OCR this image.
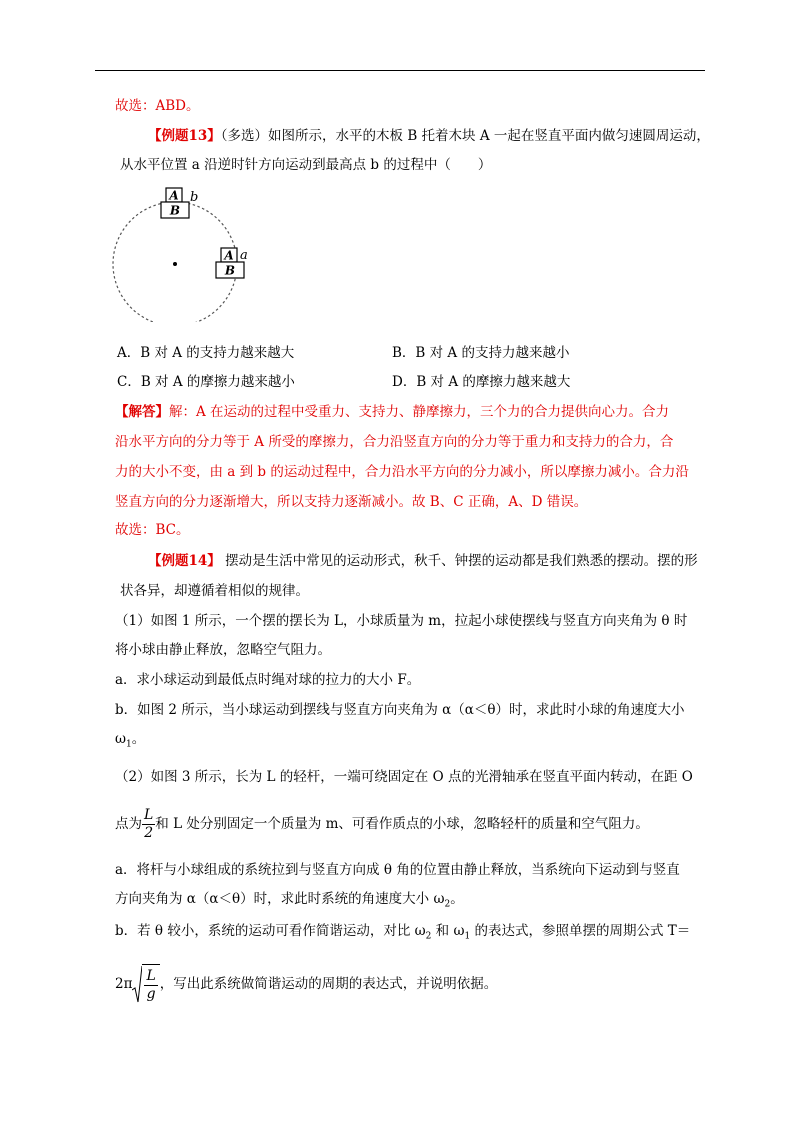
故选：ABD。
【例题13】（多选）如图所示，水平的木板 B 托着木块 A 一起在竖直平面内做匀速圆周运动，
从水平位置 a 沿逆时针方向运动到最高点 b 的过程中（　　）
A
B
b
A
B
a
A．B 对 A 的支持力越来越大	B．B 对 A 的支持力越来越小
C．B 对 A 的摩擦力越来越小	D．B 对 A 的摩擦力越来越大
【解答】解：A 在运动的过程中受重力、支持力、静摩擦力，三个力的合力提供向心力。合力
沿水平方向的分力等于 A 所受的摩擦力，合力沿竖直方向的分力等于重力和支持力的合力，合
力的大小不变，由 a 到 b 的运动过程中，合力沿水平方向的分力减小，所以摩擦力减小。合力沿
竖直方向的分力逐渐增大，所以支持力逐渐减小。故 B、C 正确，A、D 错误。
故选：BC。
【例题14】 摆动是生活中常见的运动形式，秋千、钟摆的运动都是我们熟悉的摆动。摆的形
状各异，却遵循着相似的规律。
（1）如图 1 所示，一个摆的摆长为 L，小球质量为 m，拉起小球使摆线与竖直方向夹角为 θ 时
将小球由静止释放，忽略空气阻力。
a．求小球运动到最低点时绳对球的拉力的大小 F。
b．如图 2 所示，当小球运动到摆线与竖直方向夹角为 α（α＜θ）时，求此时小球的角速度大小
$\omega_1$。
（2）如图 3 所示，长为 L 的轻杆，一端可绕固定在 O 点的光滑轴承在竖直平面内转动，在距 O
点为 $\frac{L}{2}$ 和 L 处分别固定一个质量为 m、可看作质点的小球，忽略轻杆的质量和空气阻力。
a．将杆与小球组成的系统拉到与竖直方向成 θ 角的位置由静止释放，当系统向下运动到与竖直
方向夹角为 α（α＜θ）时，求此时系统的角速度大小 $\omega_2$。
b．若 θ 较小，系统的运动可看作简谐运动，对比 $\omega_2$ 和 $\omega_1$ 的表达式，参照单摆的周期公式 T＝
$2\pi \frac{L}{g}$ ，写出此系统做简谐运动的周期的表达式，并说明依据。
